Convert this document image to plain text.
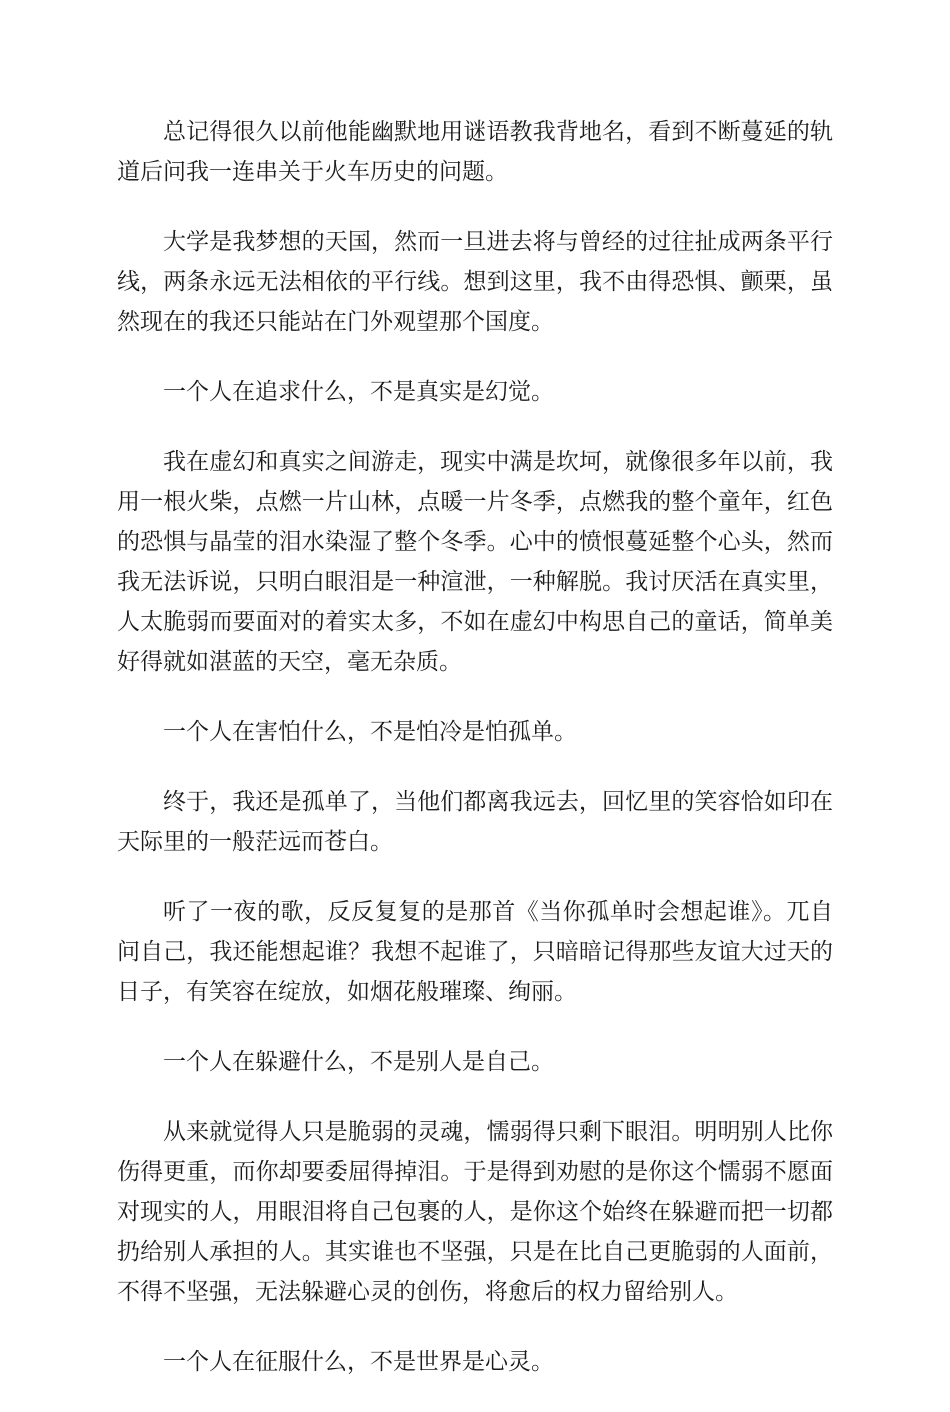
总记得很久以前他能幽默地用谜语教我背地名，看到不断蔓延的轨道后问我一连串关于火车历史的问题。

大学是我梦想的天国，然而一旦进去将与曾经的过往扯成两条平行线，两条永远无法相依的平行线。想到这里，我不由得恐惧、颤栗，虽然现在的我还只能站在门外观望那个国度。

一个人在追求什么，不是真实是幻觉。

我在虚幻和真实之间游走，现实中满是坎坷，就像很多年以前，我用一根火柴，点燃一片山林，点暖一片冬季，点燃我的整个童年，红色的恐惧与晶莹的泪水染湿了整个冬季。心中的愤恨蔓延整个心头，然而我无法诉说，只明白眼泪是一种渲泄，一种解脱。我讨厌活在真实里，人太脆弱而要面对的着实太多，不如在虚幻中构思自己的童话，简单美好得就如湛蓝的天空，毫无杂质。

一个人在害怕什么，不是怕冷是怕孤单。

终于，我还是孤单了，当他们都离我远去，回忆里的笑容恰如印在天际里的一般茫远而苍白。

听了一夜的歌，反反复复的是那首《当你孤单时会想起谁》。兀自问自己，我还能想起谁？我想不起谁了，只暗暗记得那些友谊大过天的日子，有笑容在绽放，如烟花般璀璨、绚丽。

一个人在躲避什么，不是别人是自己。

从来就觉得人只是脆弱的灵魂，懦弱得只剩下眼泪。明明别人比你伤得更重，而你却要委屈得掉泪。于是得到劝慰的是你这个懦弱不愿面对现实的人，用眼泪将自己包裹的人，是你这个始终在躲避而把一切都扔给别人承担的人。其实谁也不坚强，只是在比自己更脆弱的人面前，不得不坚强，无法躲避心灵的创伤，将愈后的权力留给别人。

一个人在征服什么，不是世界是心灵。
